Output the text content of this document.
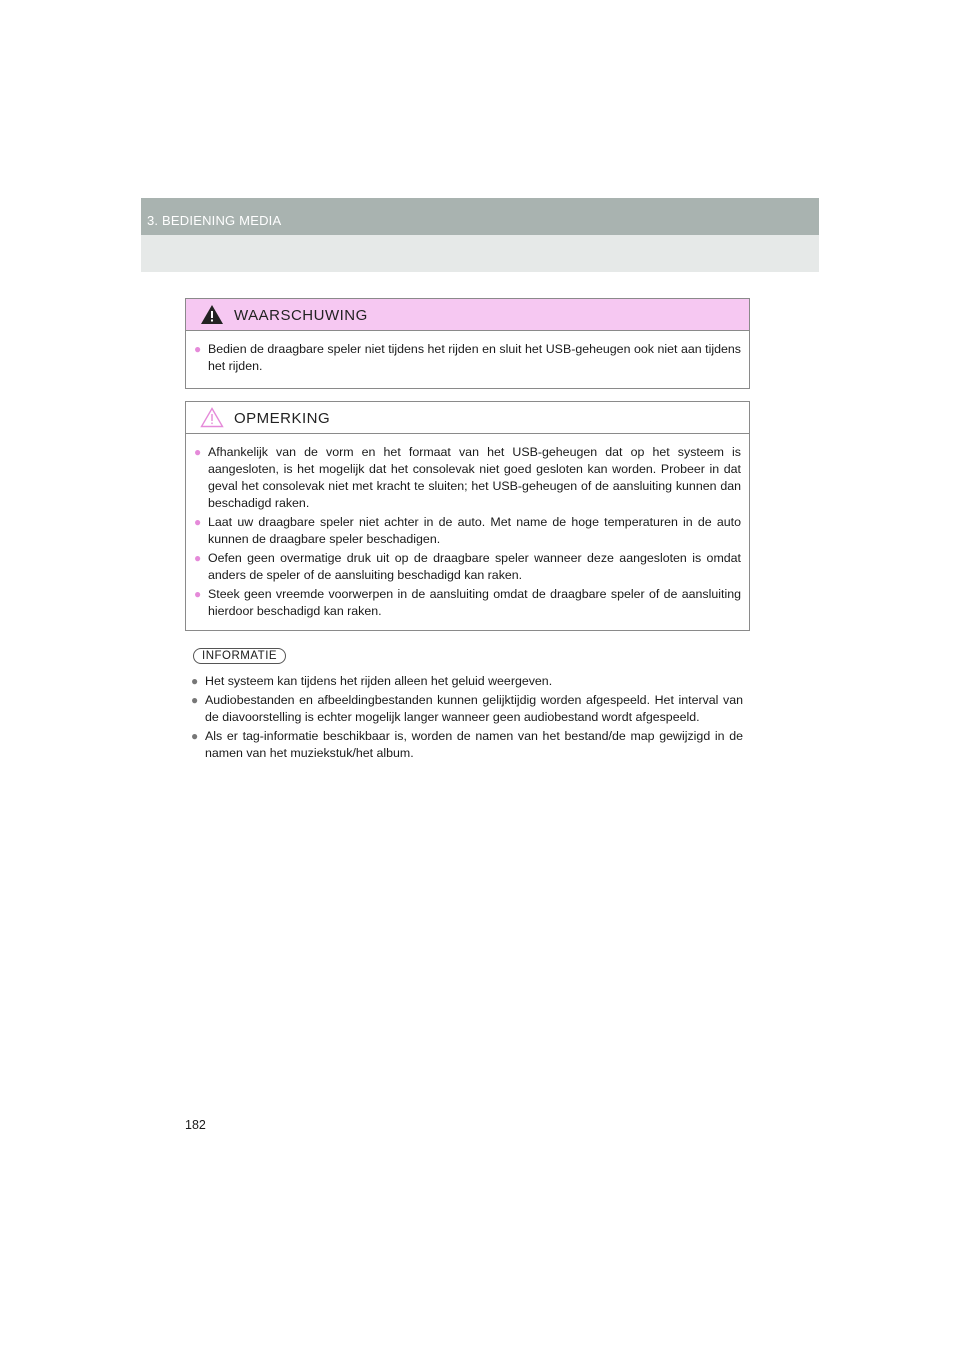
3. BEDIENING MEDIA
WAARSCHUWING
● Bedien de draagbare speler niet tijdens het rijden en sluit het USB-geheugen ook niet aan tijdens het rijden.
OPMERKING
● Afhankelijk van de vorm en het formaat van het USB-geheugen dat op het systeem is aangesloten, is het mogelijk dat het consolevak niet goed gesloten kan worden. Probeer in dat geval het consolevak niet met kracht te sluiten; het USB-geheugen of de aansluiting kunnen dan beschadigd raken.
● Laat uw draagbare speler niet achter in de auto. Met name de hoge temperaturen in de auto kunnen de draagbare speler beschadigen.
● Oefen geen overmatige druk uit op de draagbare speler wanneer deze aangesloten is omdat anders de speler of de aansluiting beschadigd kan raken.
● Steek geen vreemde voorwerpen in de aansluiting omdat de draagbare speler of de aansluiting hierdoor beschadigd kan raken.
INFORMATIE
● Het systeem kan tijdens het rijden alleen het geluid weergeven.
● Audiobestanden en afbeeldingbestanden kunnen gelijktijdig worden afgespeeld. Het interval van de diavoorstelling is echter mogelijk langer wanneer geen audiobestand wordt afgespeeld.
● Als er tag-informatie beschikbaar is, worden de namen van het bestand/de map gewijzigd in de namen van het muziekstuk/het album.
182
